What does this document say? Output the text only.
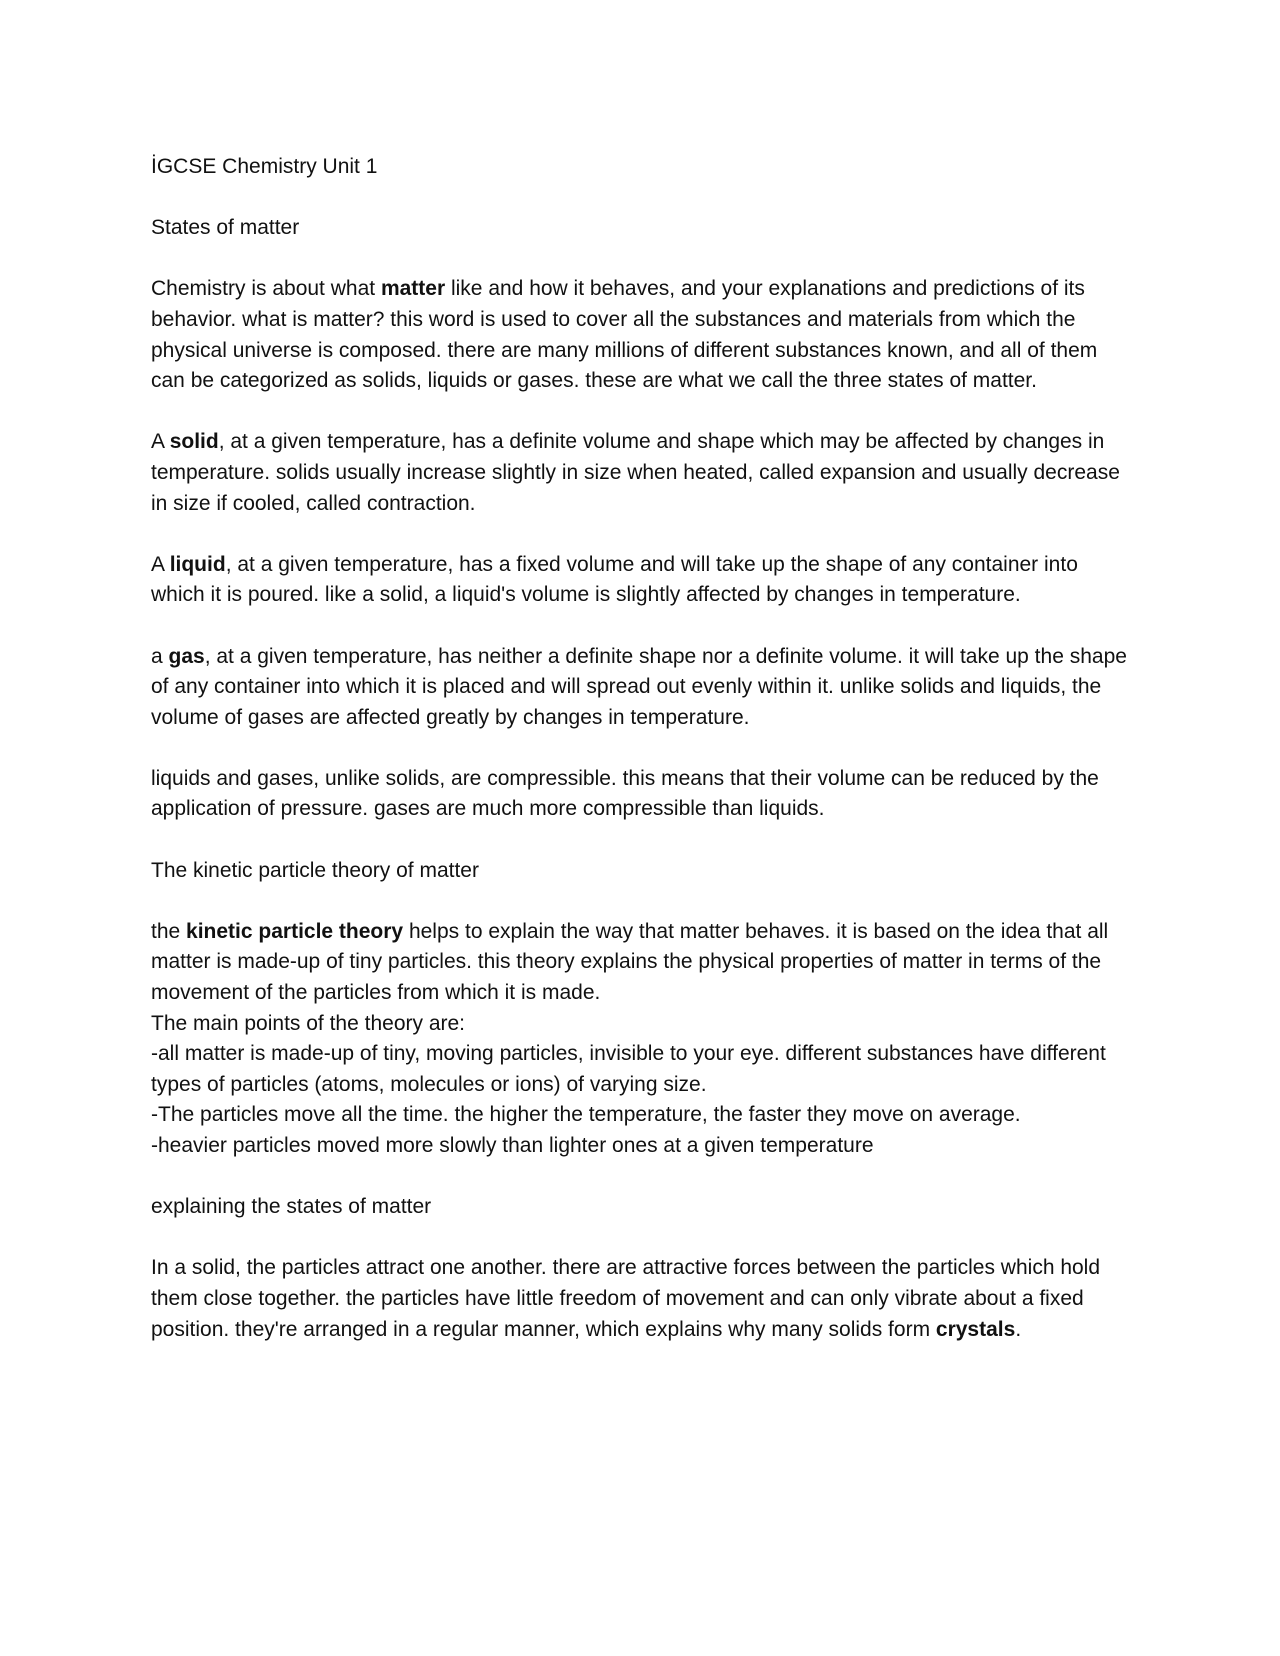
İGCSE Chemistry Unit 1

States of matter

Chemistry is about what matter like and how it behaves, and your explanations and predictions of its behavior. what is matter? this word is used to cover all the substances and materials from which the physical universe is composed. there are many millions of different substances known, and all of them can be categorized as solids, liquids or gases. these are what we call the three states of matter.

A solid, at a given temperature, has a definite volume and shape which may be affected by changes in temperature. solids usually increase slightly in size when heated, called expansion and usually decrease in size if cooled, called contraction.

A liquid, at a given temperature, has a fixed volume and will take up the shape of any container into which it is poured. like a solid, a liquid's volume is slightly affected by changes in temperature.

a gas, at a given temperature, has neither a definite shape nor a definite volume. it will take up the shape of any container into which it is placed and will spread out evenly within it. unlike solids and liquids, the volume of gases are affected greatly by changes in temperature.

liquids and gases, unlike solids, are compressible. this means that their volume can be reduced by the application of pressure. gases are much more compressible than liquids.

The kinetic particle theory of matter

the kinetic particle theory helps to explain the way that matter behaves. it is based on the idea that all matter is made-up of tiny particles. this theory explains the physical properties of matter in terms of the movement of the particles from which it is made.

The main points of the theory are:

-all matter is made-up of tiny, moving particles, invisible to your eye. different substances have different types of particles (atoms, molecules or ions) of varying size.

-The particles move all the time. the higher the temperature, the faster they move on average.

-heavier particles moved more slowly than lighter ones at a given temperature

explaining the states of matter

In a solid, the particles attract one another. there are attractive forces between the particles which hold them close together. the particles have little freedom of movement and can only vibrate about a fixed position. they're arranged in a regular manner, which explains why many solids form crystals.
